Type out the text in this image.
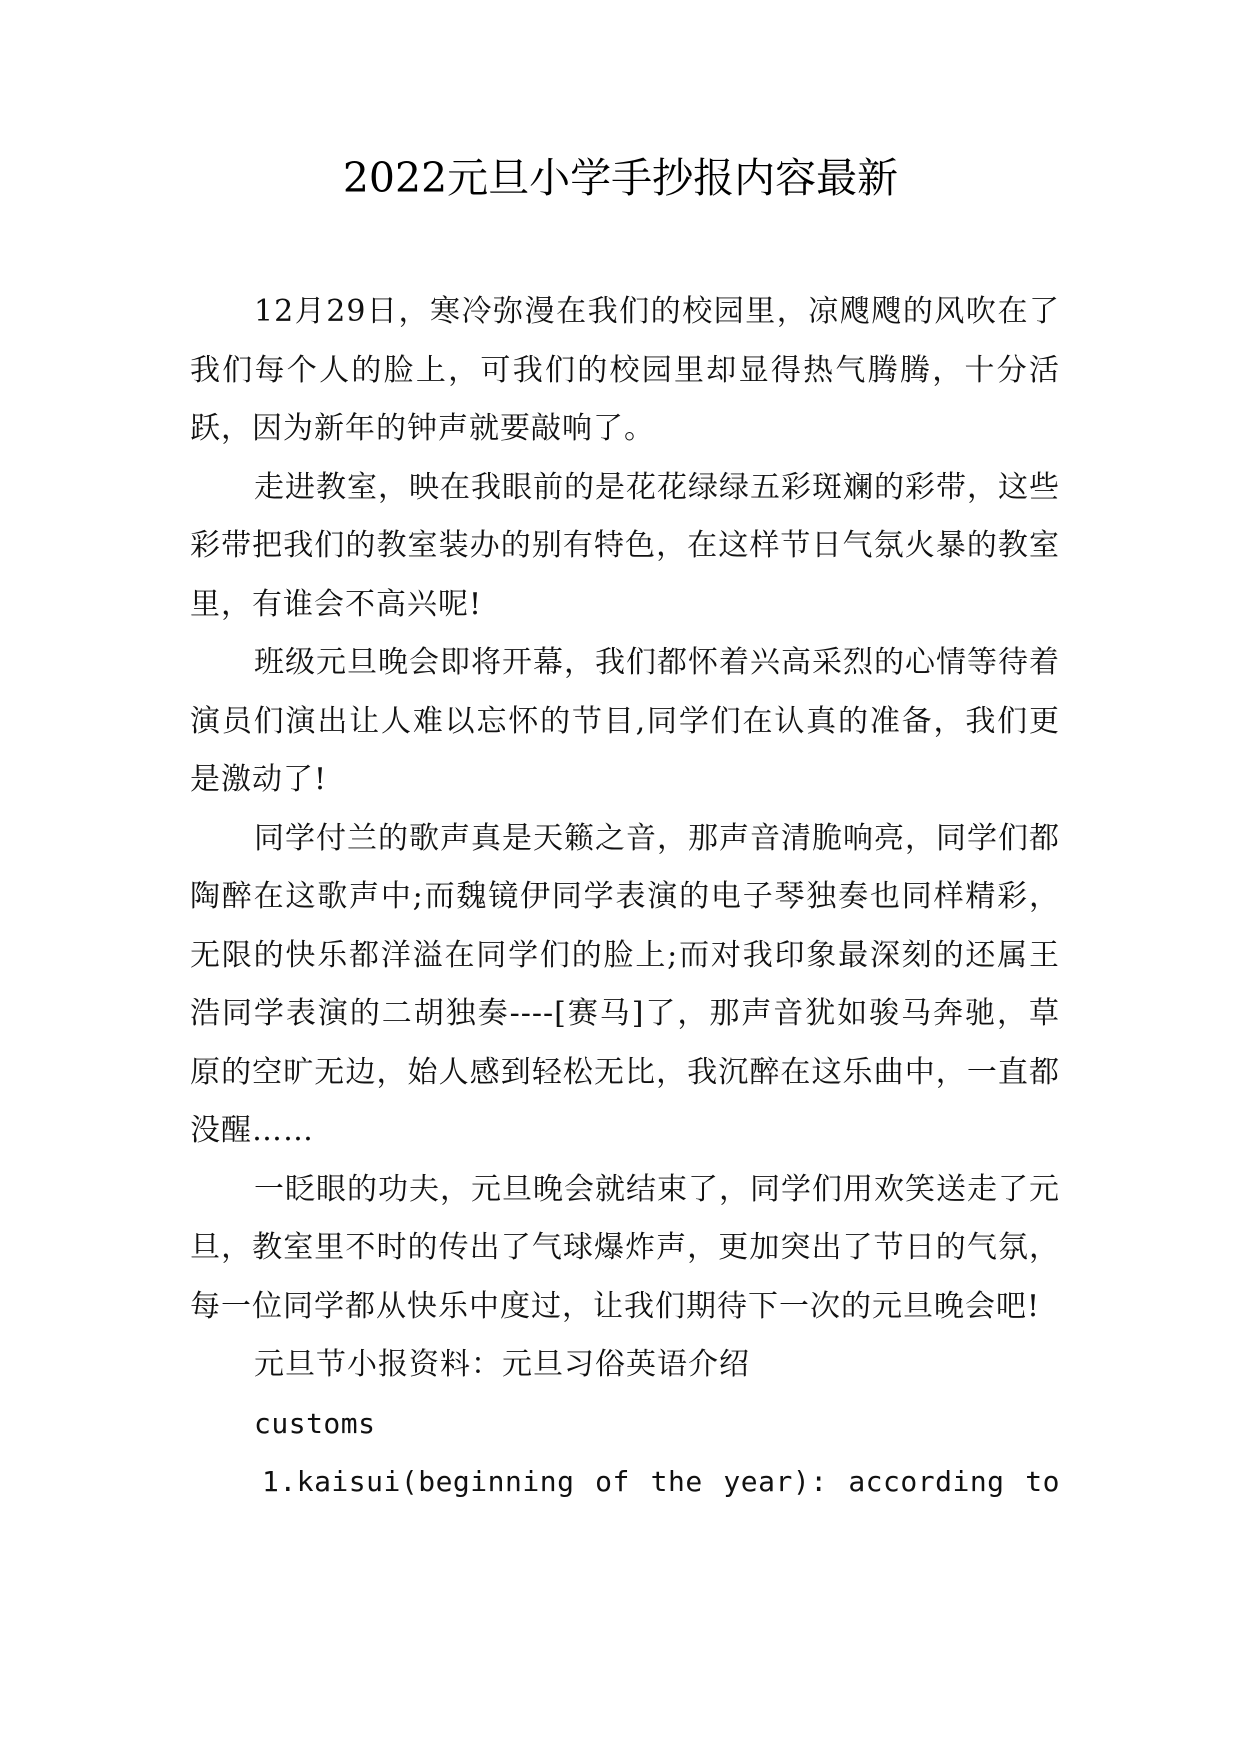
2022元旦小学手抄报内容最新

12月29日，寒冷弥漫在我们的校园里，凉飕飕的风吹在了我们每个人的脸上，可我们的校园里却显得热气腾腾，十分活跃，因为新年的钟声就要敲响了。

走进教室，映在我眼前的是花花绿绿五彩斑斓的彩带，这些彩带把我们的教室装办的别有特色，在这样节日气氛火暴的教室里，有谁会不高兴呢!

班级元旦晚会即将开幕，我们都怀着兴高采烈的心情等待着演员们演出让人难以忘怀的节目,同学们在认真的准备，我们更是激动了!

同学付兰的歌声真是天籁之音，那声音清脆响亮，同学们都陶醉在这歌声中;而魏镜伊同学表演的电子琴独奏也同样精彩，无限的快乐都洋溢在同学们的脸上;而对我印象最深刻的还属王浩同学表演的二胡独奏----[赛马]了，那声音犹如骏马奔驰，草原的空旷无边，始人感到轻松无比，我沉醉在这乐曲中，一直都没醒……

一眨眼的功夫，元旦晚会就结束了，同学们用欢笑送走了元旦，教室里不时的传出了气球爆炸声，更加突出了节日的气氛，每一位同学都从快乐中度过，让我们期待下一次的元旦晚会吧!

元旦节小报资料：元旦习俗英语介绍

customs

1.kaisui(beginning of the year): according to
